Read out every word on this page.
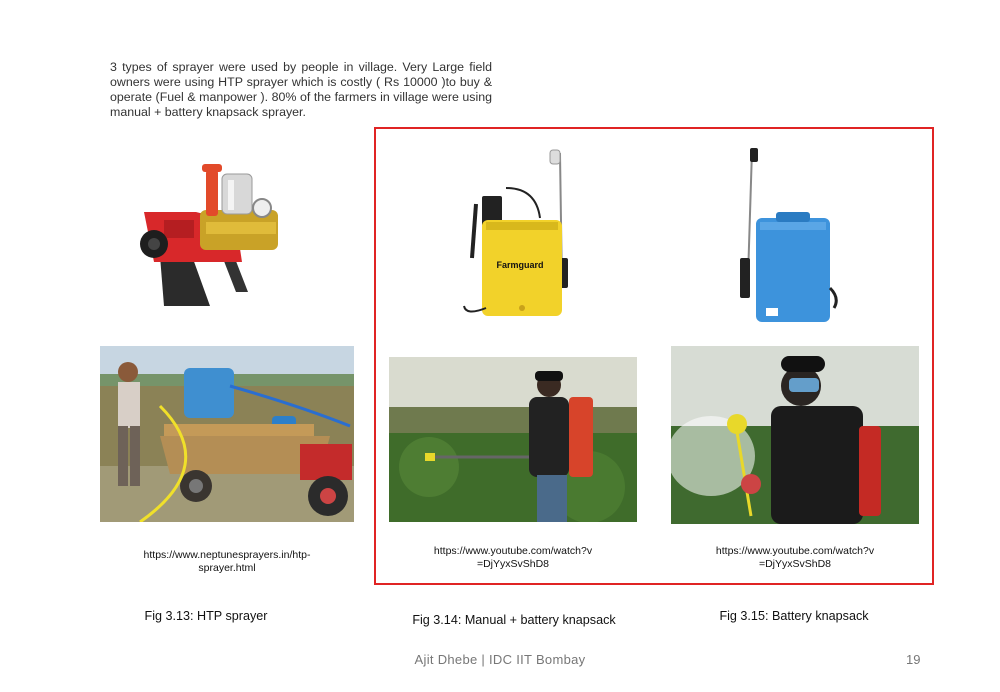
3 types of sprayer were used by people in village. Very Large field owners were using HTP sprayer which is costly ( Rs 10000 )to buy & operate (Fuel & manpower ). 80% of the farmers in village were using manual + battery knapsack sprayer.
Farmguard
https://www.neptunesprayers.in/htp-
sprayer.html
https://www.youtube.com/watch?v
=DjYyxSvShD8
https://www.youtube.com/watch?v
=DjYyxSvShD8
Fig 3.13: HTP sprayer	Fig 3.14: Manual + battery knapsack	Fig 3.15: Battery knapsack
Ajit Dhebe | IDC IIT Bombay	19
